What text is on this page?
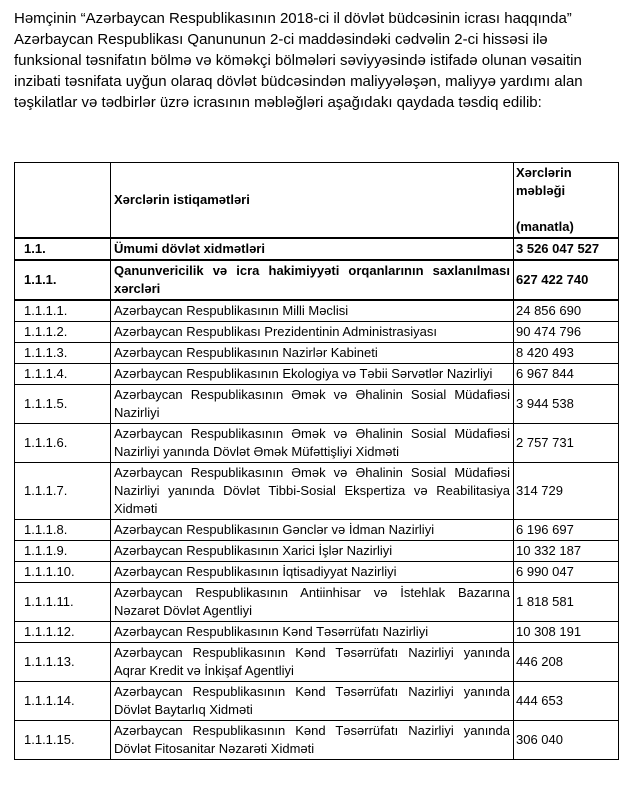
Həmçinin “Azərbaycan Respublikasının 2018-ci il dövlət büdcəsinin icrası haqqında” Azərbaycan Respublikası Qanununun 2-ci maddəsindəki cədvəlin 2-ci hissəsi ilə funksional təsnifatın bölmə və köməkçi bölmələri səviyyəsində istifadə olunan vəsaitin inzibati təsnifata uyğun olaraq dövlət büdcəsindən maliyyələşən, maliyyə yardımı alan təşkilatlar və tədbirlər üzrə icrasının məbləğləri aşağıdakı qaydada təsdiq edilib:

	Xərclərin istiqamətləri	Xərclərin məbləği
(manatla)

1.1.	Ümumi dövlət xidmətləri	3 526 047 527
1.1.1.	Qanunvericilik və icra hakimiyyəti orqanlarının saxlanılması xərcləri	627 422 740
1.1.1.1.	Azərbaycan Respublikasının Milli Məclisi	24 856 690
1.1.1.2.	Azərbaycan Respublikası Prezidentinin Administrasiyası	90 474 796
1.1.1.3.	Azərbaycan Respublikasının Nazirlər Kabineti	8 420 493
1.1.1.4.	Azərbaycan Respublikasının Ekologiya və Təbii Sərvətlər Nazirliyi	6 967 844
1.1.1.5.	Azərbaycan Respublikasının Əmək və Əhalinin Sosial Müdafiəsi Nazirliyi	3 944 538
1.1.1.6.	Azərbaycan Respublikasının Əmək və Əhalinin Sosial Müdafiəsi Nazirliyi yanında Dövlət Əmək Müfəttişliyi Xidməti	2 757 731
1.1.1.7.	Azərbaycan Respublikasının Əmək və Əhalinin Sosial Müdafiəsi Nazirliyi yanında Dövlət Tibbi-Sosial Ekspertiza və Reabilitasiya Xidməti	314 729
1.1.1.8.	Azərbaycan Respublikasının Gənclər və İdman Nazirliyi	6 196 697
1.1.1.9.	Azərbaycan Respublikasının Xarici İşlər Nazirliyi	10 332 187
1.1.1.10.	Azərbaycan Respublikasının İqtisadiyyat Nazirliyi	6 990 047
1.1.1.11.	Azərbaycan Respublikasının Antiinhisar və İstehlak Bazarına Nəzarət Dövlət Agentliyi	1 818 581
1.1.1.12.	Azərbaycan Respublikasının Kənd Təsərrüfatı Nazirliyi	10 308 191
1.1.1.13.	Azərbaycan Respublikasının Kənd Təsərrüfatı Nazirliyi yanında Aqrar Kredit və İnkişaf Agentliyi	446 208
1.1.1.14.	Azərbaycan Respublikasının Kənd Təsərrüfatı Nazirliyi yanında Dövlət Baytarlıq Xidməti	444 653
1.1.1.15.	Azərbaycan Respublikasının Kənd Təsərrüfatı Nazirliyi yanında Dövlət Fitosanitar Nəzarəti Xidməti	306 040
